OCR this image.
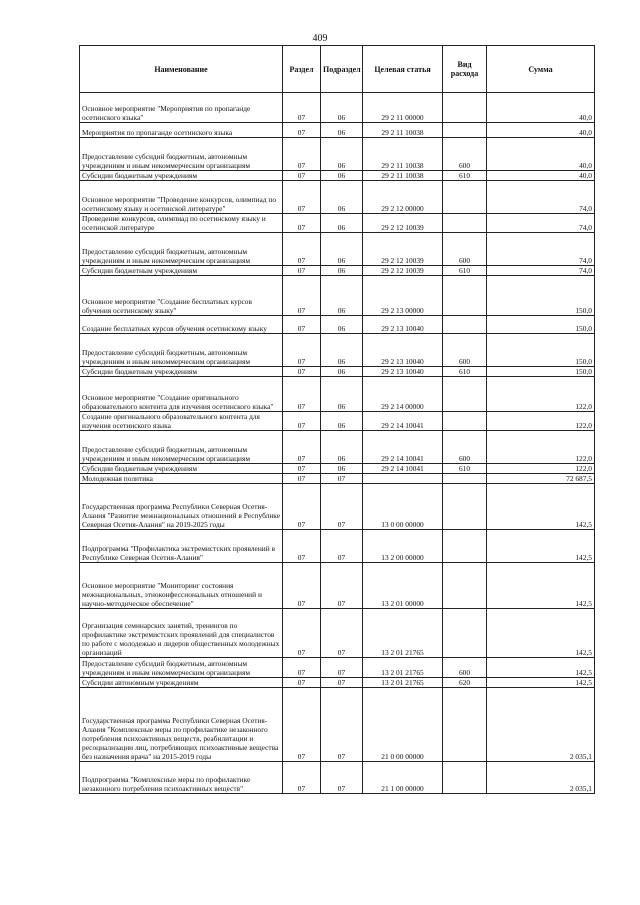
409
Наименование	Раздел	Подраздел	Целевая статья	Вид расхода	Сумма
Основное мероприятие "Мероприятия по пропаганде осетинского языка"	07	06	29 2 11 00000		40,0
Мероприятия по пропаганде осетинского языка	07	06	29 2 11 10038		40,0
Предоставление субсидий бюджетным, автономным учреждениям и иным некоммерческим организациям	07	06	29 2 11 10038	600	40,0
Субсидии бюджетным учреждениям	07	06	29 2 11 10038	610	40,0
Основное мероприятие "Проведение конкурсов, олимпиад по осетинскому языку и осетинской литературе"	07	06	29 2 12 00000		74,0
Проведение конкурсов, олимпиад по осетинскому языку и осетинской литературе	07	06	29 2 12 10039		74,0
Предоставление субсидий бюджетным, автономным учреждениям и иным некоммерческим организациям	07	06	29 2 12 10039	600	74,0
Субсидии бюджетным учреждениям	07	06	29 2 12 10039	610	74,0
Основное мероприятие "Создание бесплатных курсов обучения осетинскому языку"	07	06	29 2 13 00000		150,0
Создание бесплатных курсов обучения осетинскому языку	07	06	29 2 13 10040		150,0
Предоставление субсидий бюджетным, автономным учреждениям и иным некоммерческим организациям	07	06	29 2 13 10040	600	150,0
Субсидии бюджетным учреждениям	07	06	29 2 13 10040	610	150,0
Основное мероприятие "Создание оригинального образовательного контента для изучения осетинского языка"	07	06	29 2 14 00000		122,0
Создание оригинального образовательного контента для изучения осетинского языка	07	06	29 2 14 10041		122,0
Предоставление субсидий бюджетным, автономным учреждениям и иным некоммерческим организациям	07	06	29 2 14 10041	600	122,0
Субсидии бюджетным учреждениям	07	06	29 2 14 10041	610	122,0
Молодежная политика	07	07			72 687,5
Государственная программа Республики Северная Осетия-Алания "Развитие межнациональных отношений в Республике Северная Осетия-Алания" на 2019-2025 годы	07	07	13 0 00 00000		142,5
Подпрограмма "Профилактика экстремистских проявлений в Республике Северная Осетия-Алания"	07	07	13 2 00 00000		142,5
Основное мероприятие "Мониторинг состояния межнациональных, этноконфессиональных отношений и научно-методическое обеспечение"	07	07	13 2 01 00000		142,5
Организация семинарских занятий, тренингов по профилактике экстремистских проявлений для специалистов по работе с молодежью и лидеров общественных молодежных организаций	07	07	13 2 01 21765		142,5
Предоставление субсидий бюджетным, автономным учреждениям и иным некоммерческим организациям	07	07	13 2 01 21765	600	142,5
Субсидии автономным учреждениям	07	07	13 2 01 21765	620	142,5
Государственная программа Республики Северная Осетия-Алания "Комплексные меры по профилактике незаконного потребления психоактивных веществ, реабилитации и ресоциализации лиц, потребляющих психоактивные вещества без назначения врача" на 2015-2019 годы	07	07	21 0 00 00000		2 035,1
Подпрограмма "Комплексные меры по профилактике незаконного потребления психоактивных веществ"	07	07	21 1 00 00000		2 035,1
